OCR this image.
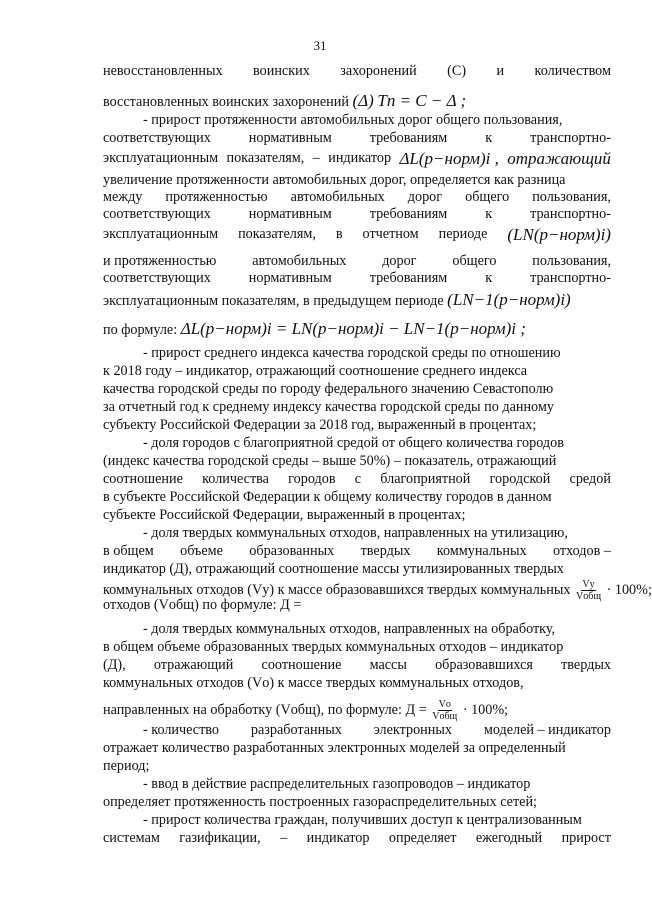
31
невосстановленных воинских захоронений (С) и количеством
восстановленных воинских захоронений (Δ) Tn = C − Δ ;
- прирост протяженности автомобильных дорог общего пользования,
соответствующих	нормативным	требованиям	к	транспортно-
эксплуатационным показателям, – индикатор ΔL(р−норм)i , отражающий
увеличение протяженности автомобильных дорог, определяется как разница
между протяженностью автомобильных дорог общего пользования,
соответствующих	нормативным	требованиям	к	транспортно-
эксплуатационным показателям, в отчетном периоде (LN(р−норм)i)
и протяженностью	автомобильных	дорог	общего	пользования,
соответствующих	нормативным	требованиям	к	транспортно-
эксплуатационным показателям, в предыдущем периоде (LN−1(р−норм)i)
по формуле: ΔL(р−норм)i = LN(р−норм)i − LN−1(р−норм)i ;
- прирост среднего индекса качества городской среды по отношению
к 2018 году – индикатор, отражающий соотношение среднего индекса
качества городской среды по городу федерального значению Севастополю
за отчетный год к среднему индексу качества городской среды по данному
субъекту Российской Федерации за 2018 год, выраженный в процентах;
- доля городов с благоприятной средой от общего количества городов
(индекс качества городской среды – выше 50%) – показатель, отражающий
соотношение количества городов с благоприятной городской средой
в субъекте Российской Федерации к общему количеству городов в данном
субъекте Российской Федерации, выраженный в процентах;
- доля твердых коммунальных отходов, направленных на утилизацию,
в общем объеме образованных твердых коммунальных отходов –
индикатор (Д), отражающий соотношение массы утилизированных твердых
коммунальных отходов (Vу) к массе образовавшихся твердых коммунальных $\frac{Vу}{\text{Vобщ}} \cdot 100\%$;
отходов (Vобщ) по формуле: Д =
- доля твердых коммунальных отходов, направленных на обработку,
в общем объеме образованных твердых коммунальных отходов – индикатор
(Д), отражающий соотношение массы образовавшихся твердых
коммунальных отходов (Vо) к массе твердых коммунальных отходов,
направленных на обработку (Vобщ), по формуле: $Д = \frac{Vо}{\text{Vобщ}} \cdot 100\%$;
- количество разработанных электронных моделей – индикатор
отражает количество разработанных электронных моделей за определенный
период;
- ввод в действие распределительных газопроводов – индикатор
определяет протяженность построенных газораспределительных сетей;
- прирост количества граждан, получивших доступ к централизованным
системам газификации, – индикатор определяет ежегодный прирост
